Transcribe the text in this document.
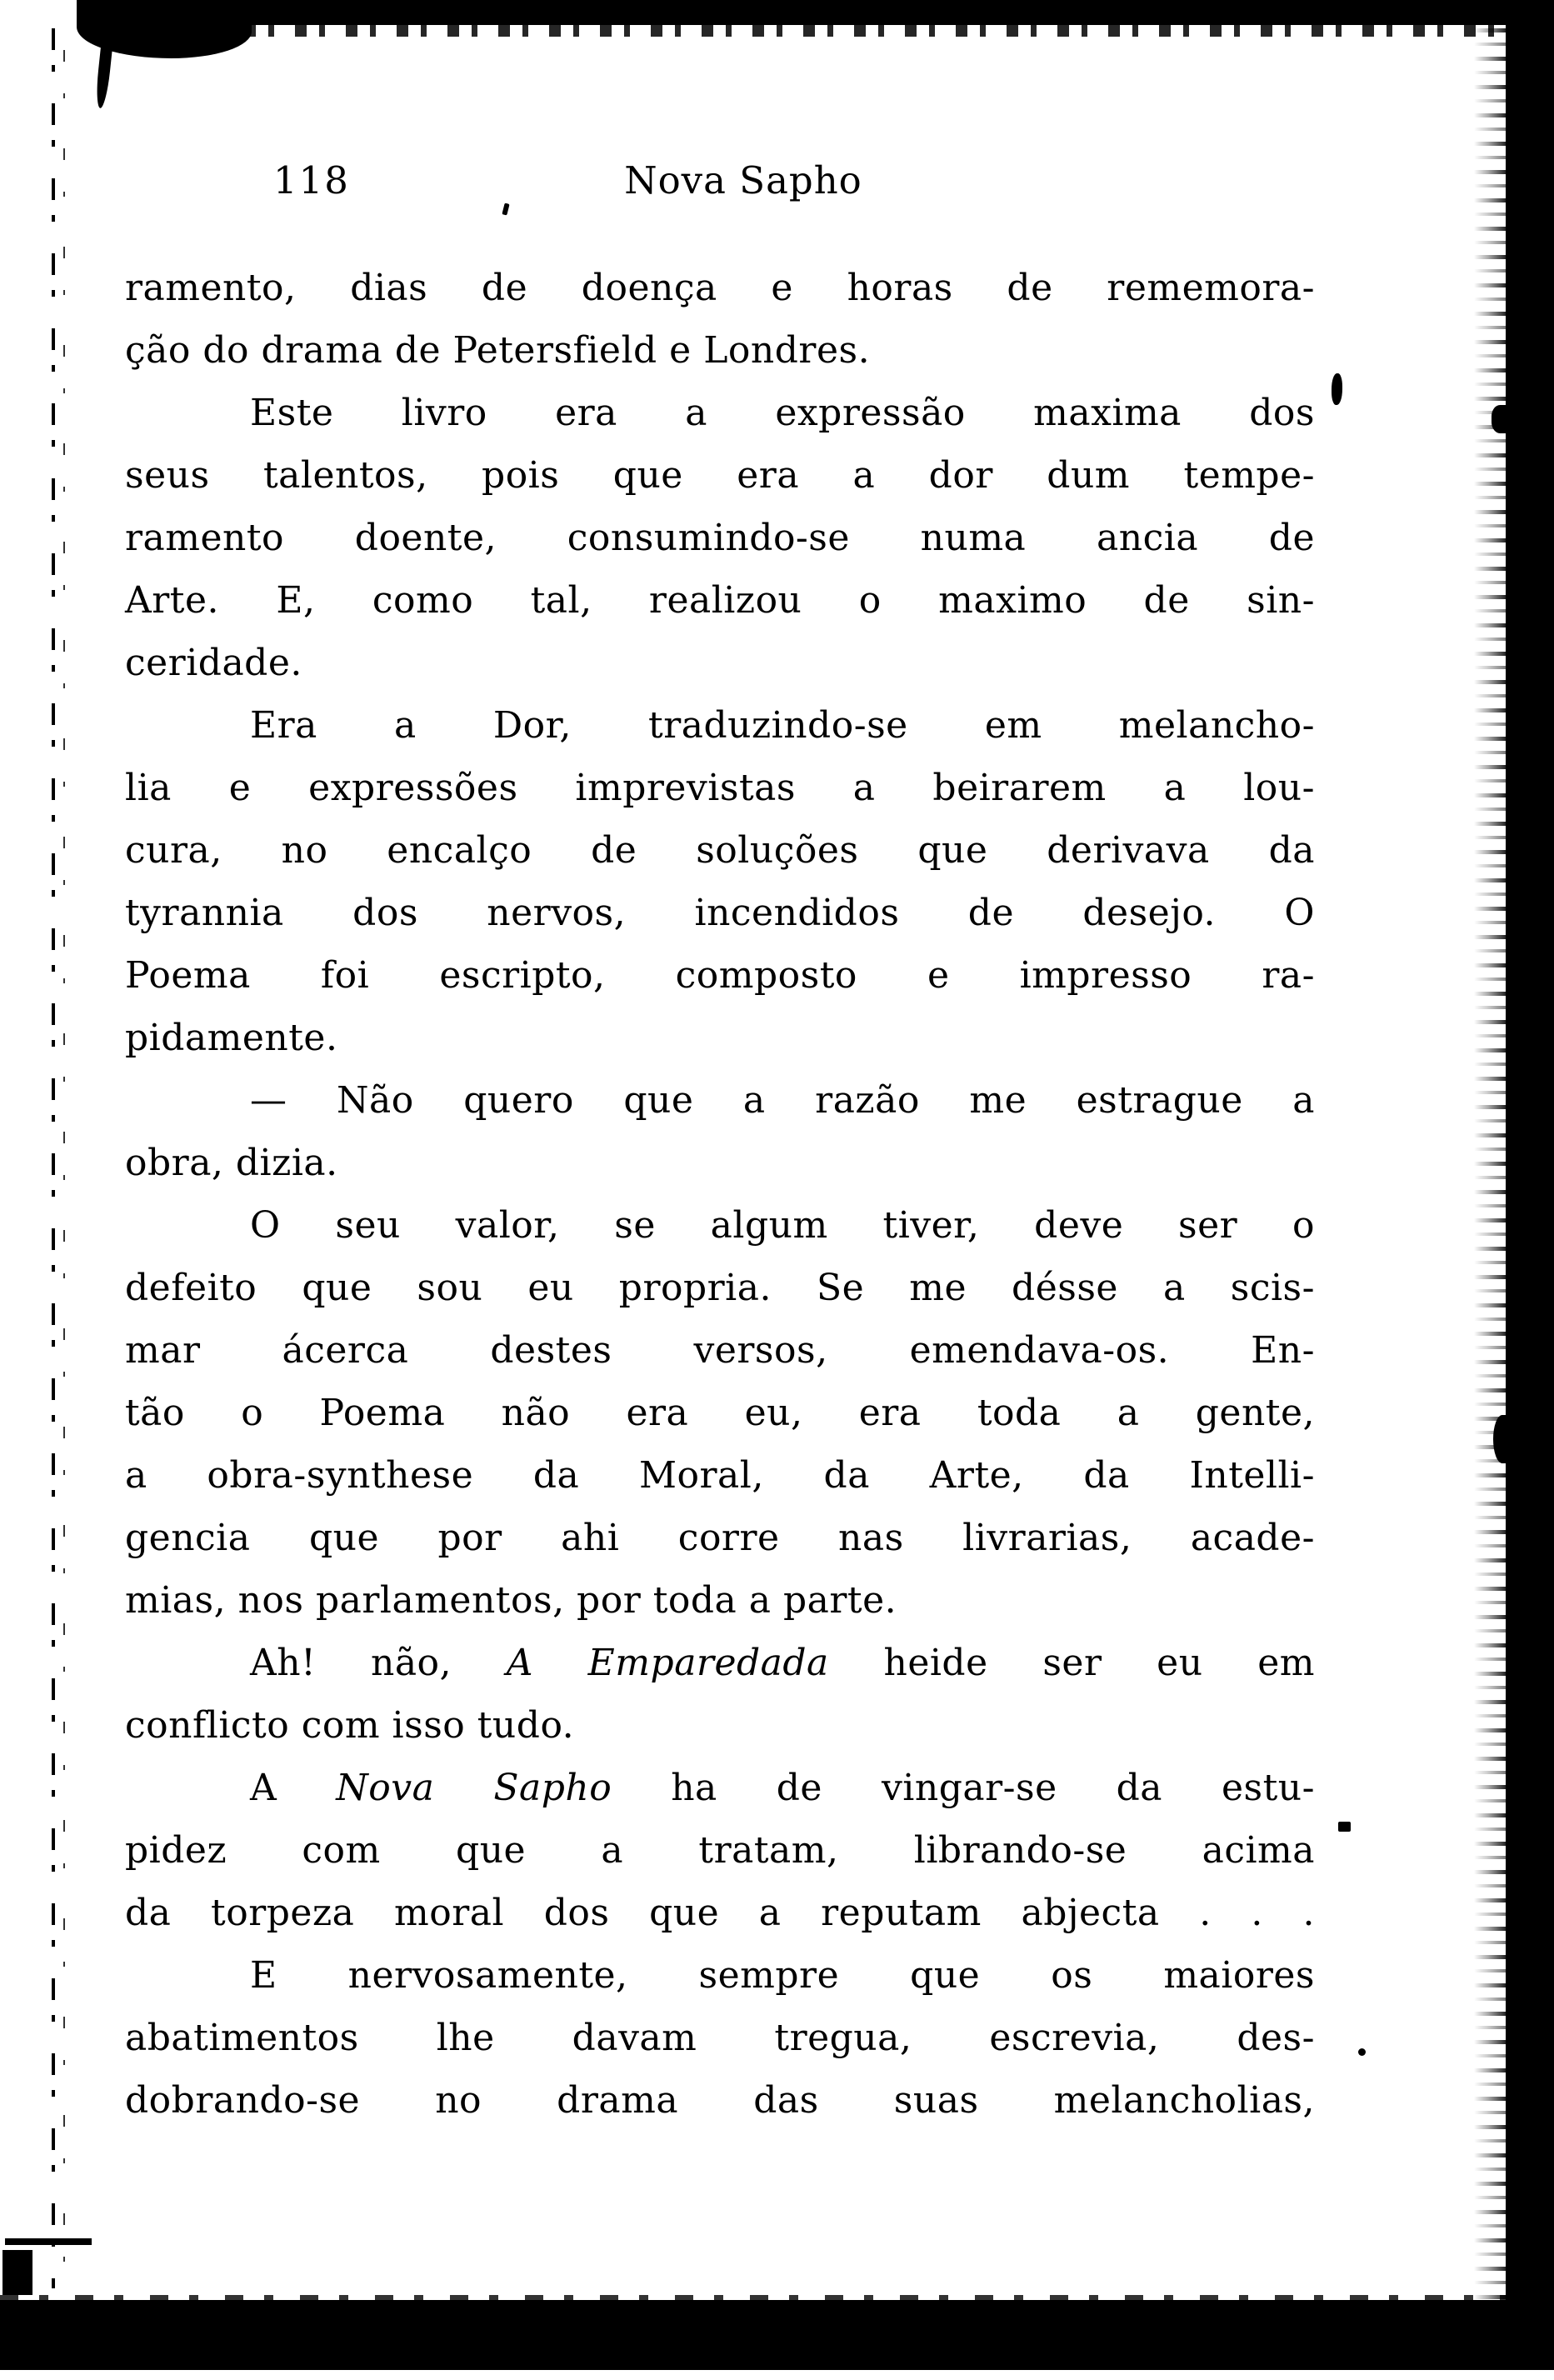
118	Nova Sapho
ramento, dias de doença e horas de rememora-
ção do drama de Petersfield e Londres.
Este livro era a expressão maxima dos
seus talentos, pois que era a dor dum tempe-
ramento doente, consumindo-se numa ancia de
Arte. E, como tal, realizou o maximo de sin-
ceridade.
Era a Dor, traduzindo-se em melancho-
lia e expressões imprevistas a beirarem a lou-
cura, no encalço de soluções que derivava da
tyrannia dos nervos, incendidos de desejo. O
Poema foi escripto, composto e impresso ra-
pidamente.
— Não quero que a razão me estrague a
obra, dizia.
O seu valor, se algum tiver, deve ser o
defeito que sou eu propria. Se me désse a scis-
mar ácerca destes versos, emendava-os. En-
tão o Poema não era eu, era toda a gente,
a obra-synthese da Moral, da Arte, da Intelli-
gencia que por ahi corre nas livrarias, acade-
mias, nos parlamentos, por toda a parte.
Ah! não, A Emparedada heide ser eu em
conflicto com isso tudo.
A Nova Sapho ha de vingar-se da estu-
pidez com que a tratam, librando-se acima
da torpeza moral dos que a reputam abjecta . . .
E nervosamente, sempre que os maiores
abatimentos lhe davam tregua, escrevia, des-
dobrando-se no drama das suas melancholias,
